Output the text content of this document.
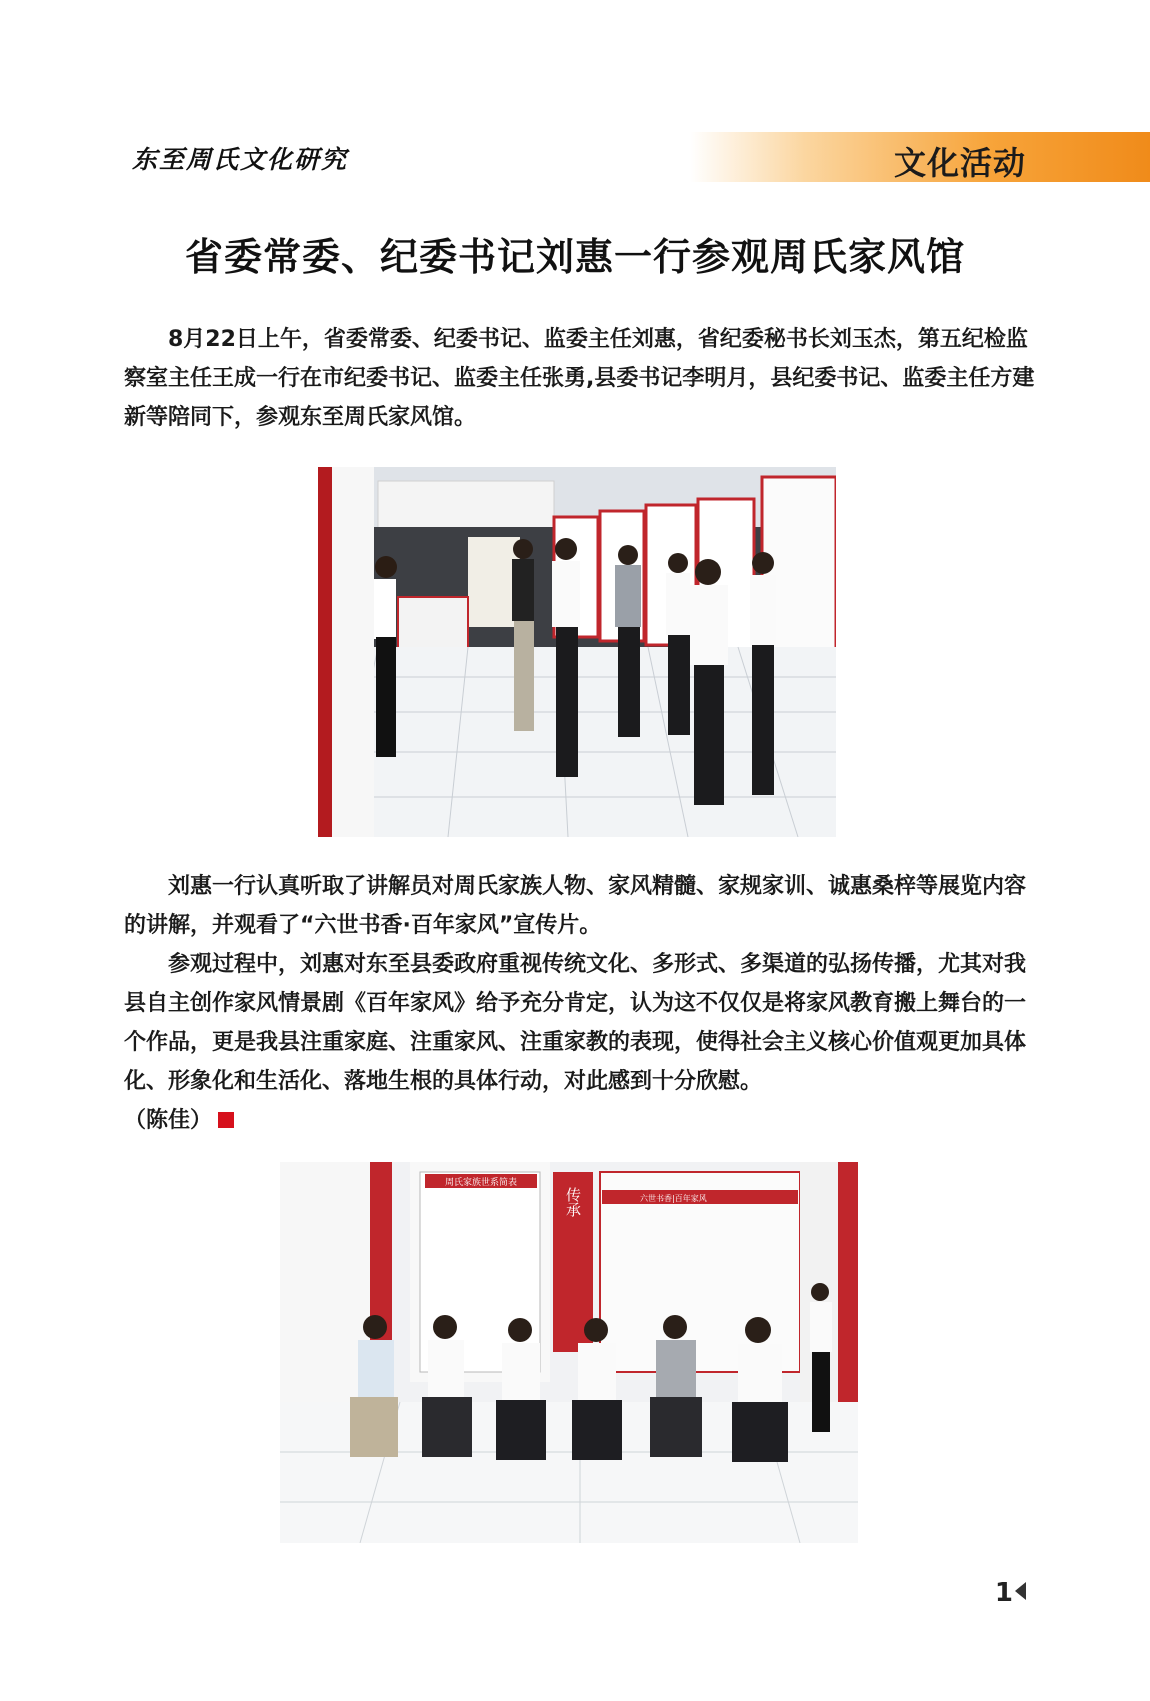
东至周氏文化研究	文化活动
省委常委、纪委书记刘惠一行参观周氏家风馆

8月22日上午，省委常委、纪委书记、监委主任刘惠，省纪委秘书长刘玉杰，第五纪检监察室主任王成一行在市纪委书记、监委主任张勇,县委书记李明月，县纪委书记、监委主任方建新等陪同下，参观东至周氏家风馆。

刘惠一行认真听取了讲解员对周氏家族人物、家风精髓、家规家训、诚惠桑梓等展览内容的讲解，并观看了“六世书香·百年家风”宣传片。

参观过程中，刘惠对东至县委政府重视传统文化、多形式、多渠道的弘扬传播，尤其对我县自主创作家风情景剧《百年家风》给予充分肯定，认为这不仅仅是将家风教育搬上舞台的一个作品，更是我县注重家庭、注重家风、注重家教的表现，使得社会主义核心价值观更加具体化、形象化和生活化、落地生根的具体行动，对此感到十分欣慰。
（陈佳）

周氏家族世系简表
传承	六世书香|百年家风
1
